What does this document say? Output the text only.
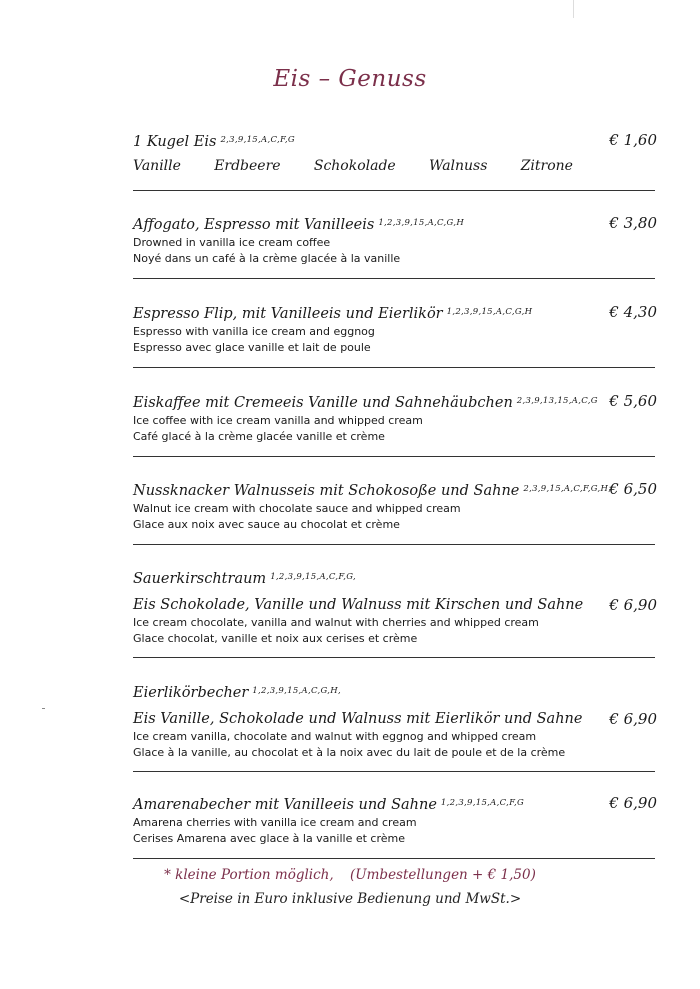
Eis – Genuss
1 Kugel Eis $^{2,3,9,15,A,C,F,G}$	€ 1,60
Vanille Erdbeere Schokolade Walnuss Zitrone
Affogato, Espresso mit Vanilleeis $^{1,2,3,9,15,A,C,G,H}$	€ 3,80
Drowned in vanilla ice cream coffee
Noyé dans un café à la crème glacée à la vanille
Espresso Flip, mit Vanilleeis und Eierlikör $^{1,2,3,9,15,A,C,G,H}$	€ 4,30
Espresso with vanilla ice cream and eggnog
Espresso avec glace vanille et lait de poule
Eiskaffee mit Cremeeis Vanille und Sahnehäubchen $^{2,3,9,13,15,A,C,G}$ € 5,60
Ice coffee with ice cream vanilla and whipped cream
Café glacé à la crème glacée vanille et crème
Nussknacker Walnusseis mit Schokosoße und Sahne $^{2,3,9,15,A,C,F,G,H,}$
€ 6,50
Walnut ice cream with chocolate sauce and whipped cream
Glace aux noix avec sauce au chocolat et crème
Sauerkirschtraum $^{1,2,3,9,15,A,C,F,G,}$
Eis Schokolade, Vanille und Walnuss mit Kirschen und Sahne € 6,90
Ice cream chocolate, vanilla and walnut with cherries and whipped cream
Glace chocolat, vanille et noix aux cerises et crème
Eierlikörbecher $^{1,2,3,9,15,A,C,G,H,}$
Eis Vanille, Schokolade und Walnuss mit Eierlikör und Sahne € 6,90
Ice cream vanilla, chocolate and walnut with eggnog and whipped cream
Glace à la vanille, au chocolat et à la noix avec du lait de poule et de la crème
Amarenabecher mit Vanilleeis und Sahne $^{1,2,3,9,15,A,C,F,G}$	€ 6,90
Amarena cherries with vanilla ice cream and cream
Cerises Amarena avec glace à la vanille et crème
* kleine Portion möglich, (Umbestellungen + € 1,50)
<Preise in Euro inklusive Bedienung und MwSt.>
